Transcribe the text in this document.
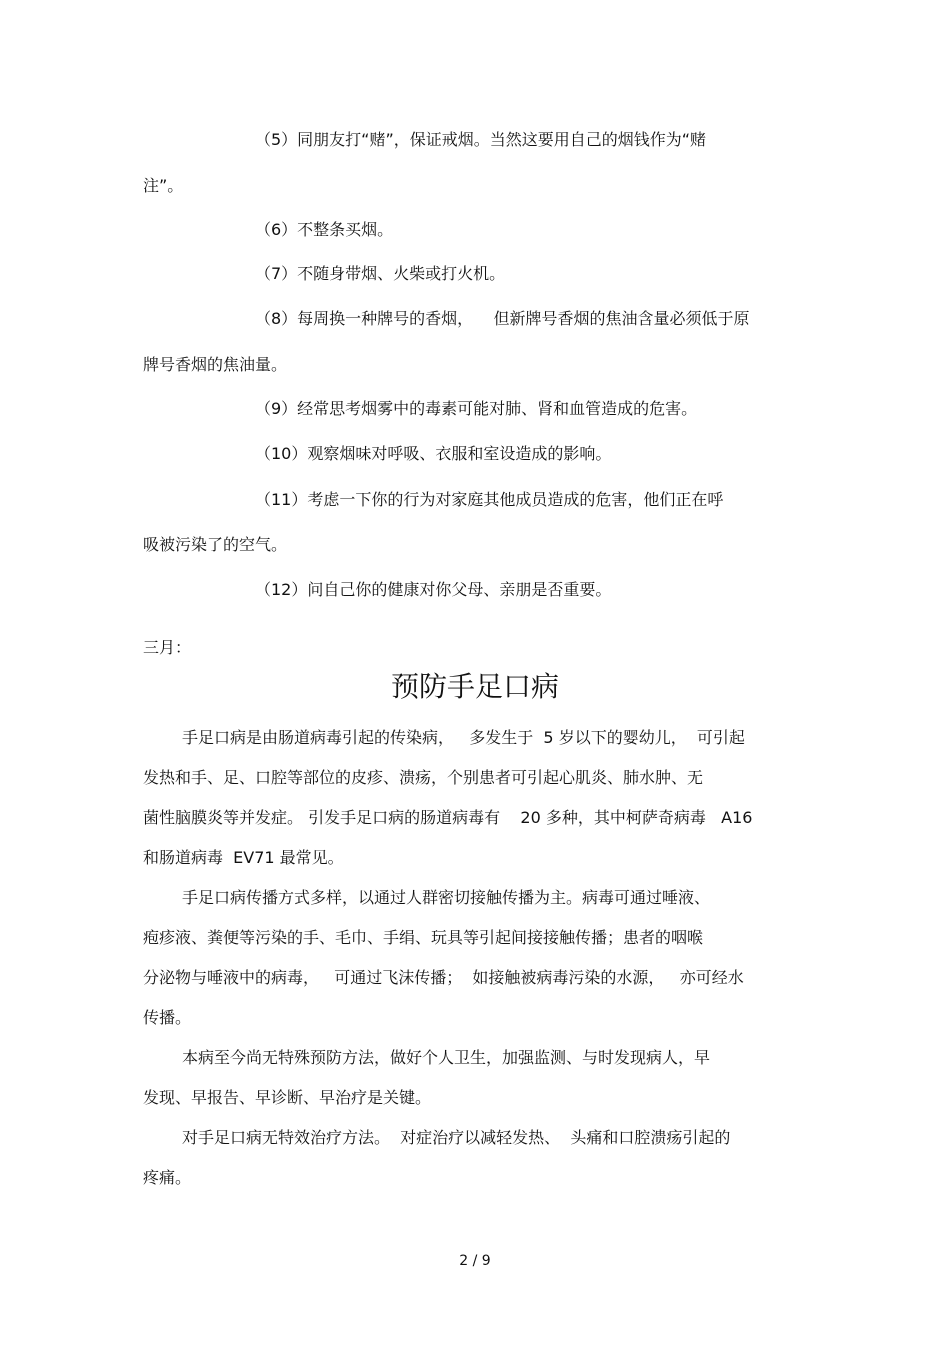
（5）同朋友打“赌”，保证戒烟。当然这要用自己的烟钱作为“赌

注”。

（6）不整条买烟。

（7）不随身带烟、火柴或打火机。

（8）每周换一种牌号的香烟，    但新牌号香烟的焦油含量必须低于原

牌号香烟的焦油量。

（9）经常思考烟雾中的毒素可能对肺、肾和血管造成的危害。

（10）观察烟味对呼吸、衣服和室设造成的影响。

（11）考虑一下你的行为对家庭其他成员造成的危害，他们正在呼

吸被污染了的空气。

（12）问自己你的健康对你父母、亲朋是否重要。

三月：

预防手足口病

手足口病是由肠道病毒引起的传染病，   多发生于  5 岁以下的婴幼儿，  可引起

发热和手、足、口腔等部位的皮疹、溃疡，个别患者可引起心肌炎、肺水肿、无

菌性脑膜炎等并发症。 引发手足口病的肠道病毒有    20 多种，其中柯萨奇病毒   A16

和肠道病毒  EV71 最常见。

手足口病传播方式多样，以通过人群密切接触传播为主。病毒可通过唾液、

疱疹液、粪便等污染的手、毛巾、手绢、玩具等引起间接接触传播；患者的咽喉

分泌物与唾液中的病毒，   可通过飞沫传播；  如接触被病毒污染的水源，   亦可经水

传播。

本病至今尚无特殊预防方法，做好个人卫生，加强监测、与时发现病人，早

发现、早报告、早诊断、早治疗是关键。

对手足口病无特效治疗方法。  对症治疗以减轻发热、  头痛和口腔溃疡引起的

疼痛。

2 / 9
